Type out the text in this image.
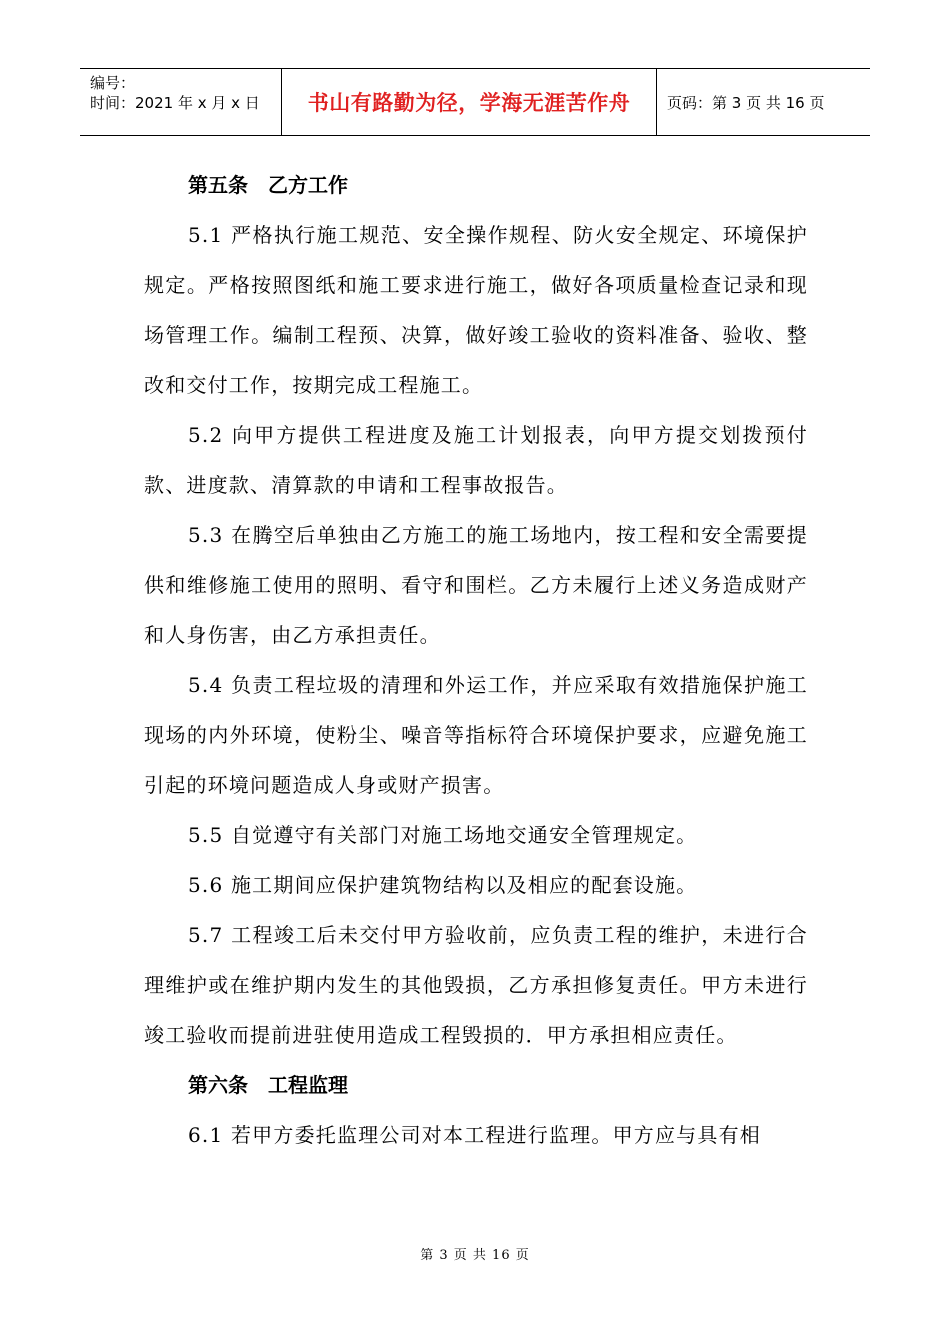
编号：
时间：2021 年 x 月 x 日	书山有路勤为径，学海无涯苦作舟	页码：第 3 页 共 16 页
第五条　乙方工作
5.1 严格执行施工规范、安全操作规程、防火安全规定、环境保护规定。严格按照图纸和施工要求进行施工，做好各项质量检查记录和现场管理工作。编制工程预、决算，做好竣工验收的资料准备、验收、整改和交付工作，按期完成工程施工。
5.2 向甲方提供工程进度及施工计划报表，向甲方提交划拨预付款、进度款、清算款的申请和工程事故报告。
5.3 在腾空后单独由乙方施工的施工场地内，按工程和安全需要提供和维修施工使用的照明、看守和围栏。乙方未履行上述义务造成财产和人身伤害，由乙方承担责任。
5.4 负责工程垃圾的清理和外运工作，并应采取有效措施保护施工现场的内外环境，使粉尘、噪音等指标符合环境保护要求，应避免施工引起的环境问题造成人身或财产损害。
5.5 自觉遵守有关部门对施工场地交通安全管理规定。
5.6 施工期间应保护建筑物结构以及相应的配套设施。
5.7 工程竣工后未交付甲方验收前，应负责工程的维护，未进行合理维护或在维护期内发生的其他毁损，乙方承担修复责任。甲方未进行竣工验收而提前进驻使用造成工程毁损的．甲方承担相应责任。
第六条　工程监理
6.1 若甲方委托监理公司对本工程进行监理。甲方应与具有相
第 3 页 共 16 页
